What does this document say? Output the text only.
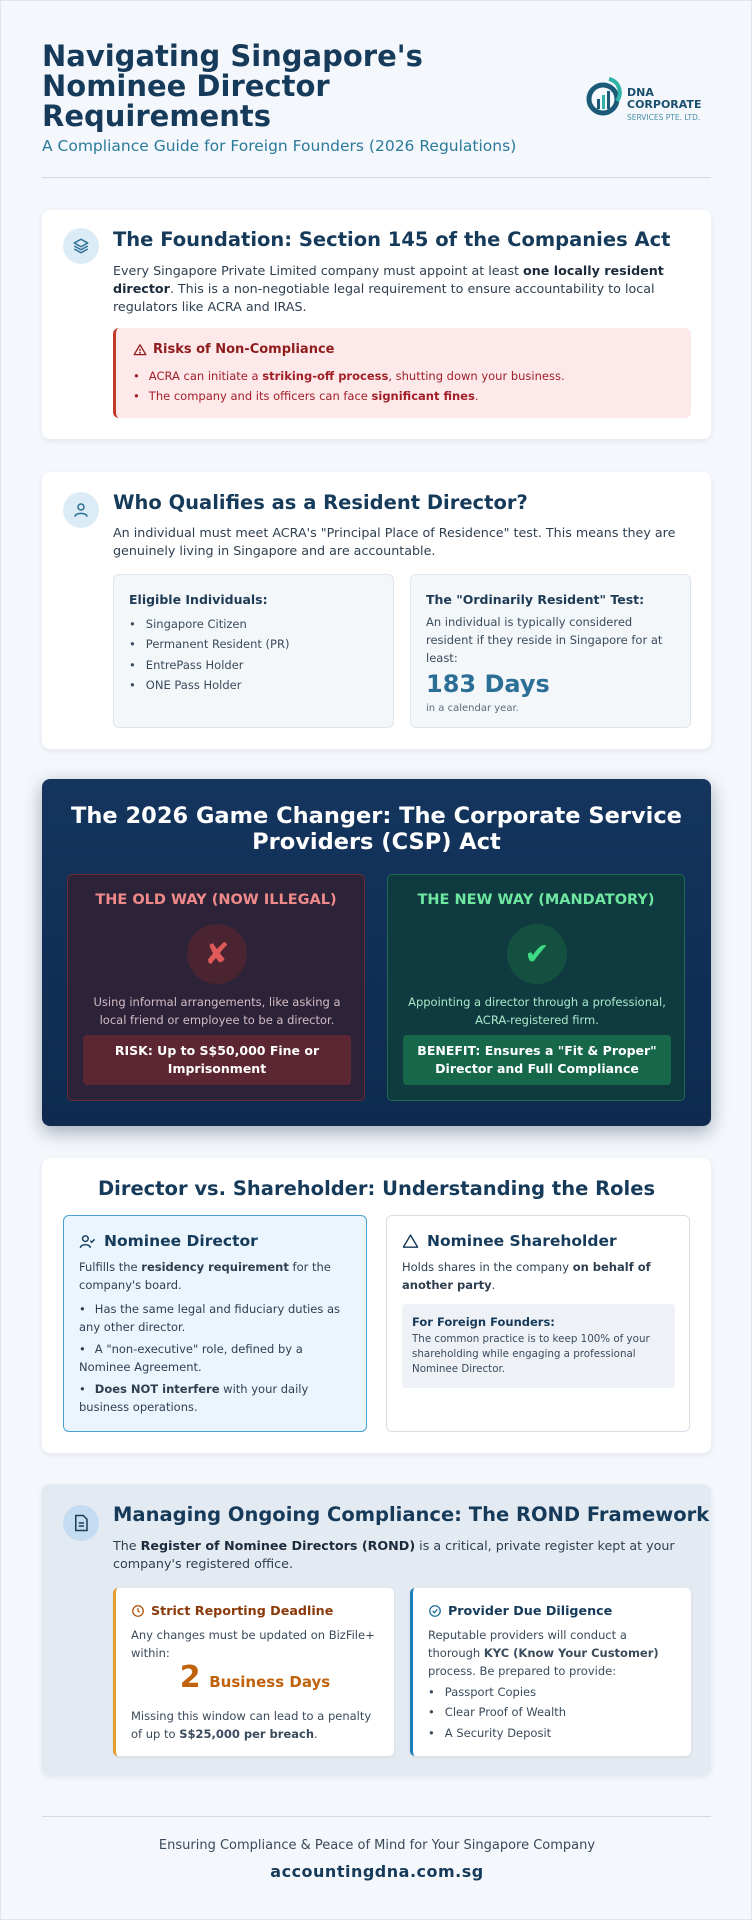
Navigating Singapore's Nominee Director Requirements
A Compliance Guide for Foreign Founders (2026 Regulations)
DNA
CORPORATE
SERVICES PTE. LTD.
The Foundation: Section 145 of the Companies Act
Every Singapore Private Limited company must appoint at least one locally resident director. This is a non-negotiable legal requirement to ensure accountability to local regulators like ACRA and IRAS.
Risks of Non-Compliance
• ACRA can initiate a striking-off process, shutting down your business.
• The company and its officers can face significant fines.
Who Qualifies as a Resident Director?
An individual must meet ACRA's "Principal Place of Residence" test. This means they are genuinely living in Singapore and are accountable.
Eligible Individuals:
• Singapore Citizen
• Permanent Resident (PR)
• EntrePass Holder
• ONE Pass Holder
The "Ordinarily Resident" Test:
An individual is typically considered resident if they reside in Singapore for at least:
183 Days
in a calendar year.
The 2026 Game Changer: The Corporate Service Providers (CSP) Act
THE OLD WAY (NOW ILLEGAL)
✘
Using informal arrangements, like asking a local friend or employee to be a director.
RISK: Up to S$50,000 Fine or Imprisonment
THE NEW WAY (MANDATORY)
✔
Appointing a director through a professional, ACRA-registered firm.
BENEFIT: Ensures a "Fit & Proper" Director and Full Compliance
Director vs. Shareholder: Understanding the Roles
Nominee Director
Fulfills the residency requirement for the company's board.
• Has the same legal and fiduciary duties as any other director.
• A "non-executive" role, defined by a Nominee Agreement.
• Does NOT interfere with your daily business operations.
Nominee Shareholder
Holds shares in the company on behalf of another party.
For Foreign Founders:
The common practice is to keep 100% of your shareholding while engaging a professional Nominee Director.
Managing Ongoing Compliance: The ROND Framework
The Register of Nominee Directors (ROND) is a critical, private register kept at your company's registered office.
Strict Reporting Deadline
Any changes must be updated on BizFile+ within:
2 Business Days
Missing this window can lead to a penalty of up to S$25,000 per breach.
Provider Due Diligence
Reputable providers will conduct a thorough KYC (Know Your Customer) process. Be prepared to provide:
• Passport Copies
• Clear Proof of Wealth
• A Security Deposit
Ensuring Compliance & Peace of Mind for Your Singapore Company
accountingdna.com.sg
